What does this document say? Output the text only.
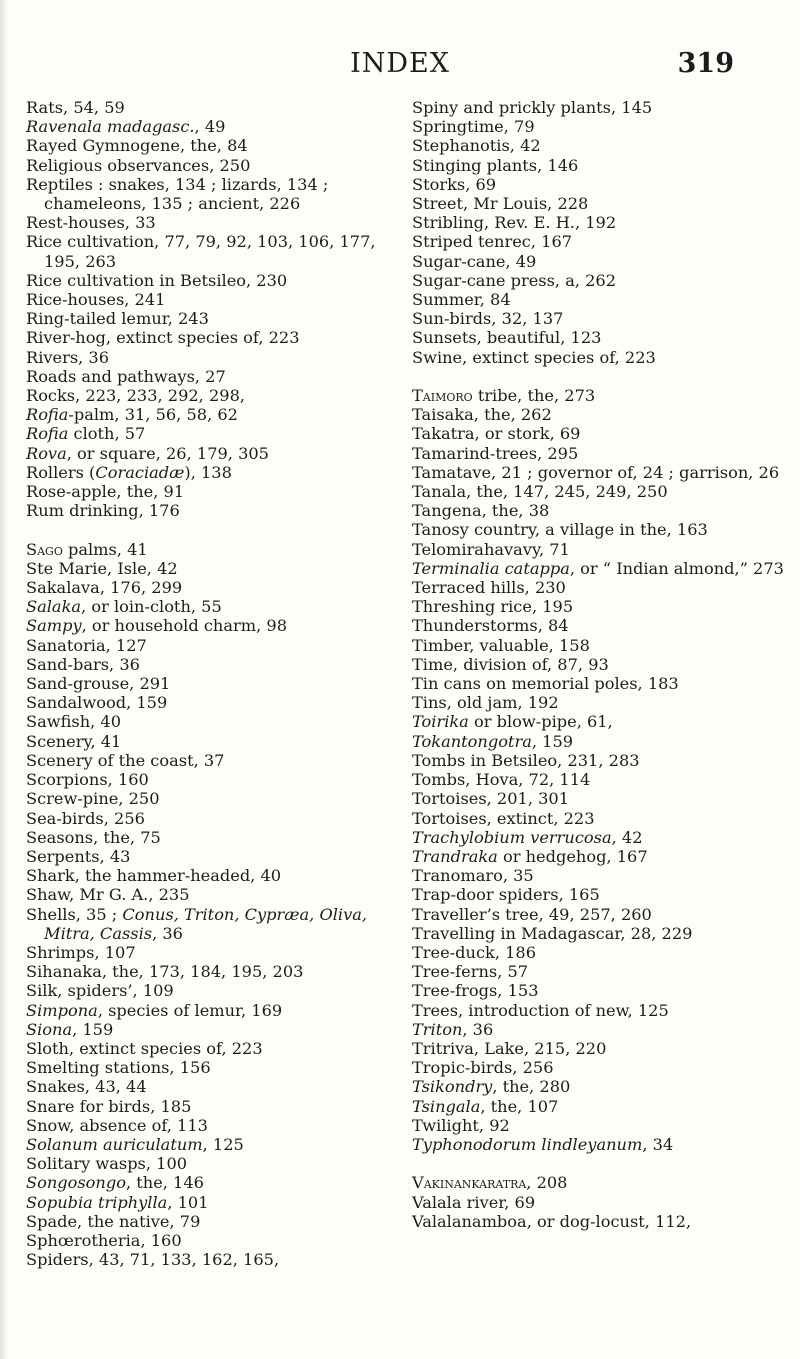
INDEX	319
Rats, 54, 59
Ravenala madagasc., 49
Rayed Gymnogene, the, 84
Religious observances, 250
Reptiles : snakes, 134 ; lizards, 134 ; chameleons, 135 ; ancient, 226
Rest-houses, 33
Rice cultivation, 77, 79, 92, 103, 106, 177, 195, 263
Rice cultivation in Betsileo, 230
Rice-houses, 241
Ring-tailed lemur, 243
River-hog, extinct species of, 223
Rivers, 36
Roads and pathways, 27
Rocks, 223, 233, 292, 298,
Rofia-palm, 31, 56, 58, 62
Rofia cloth, 57
Rova, or square, 26, 179, 305
Rollers (Coraciadæ), 138
Rose-apple, the, 91
Rum drinking, 176
Sago palms, 41
Ste Marie, Isle, 42
Sakalava, 176, 299
Salaka, or loin-cloth, 55
Sampy, or household charm, 98
Sanatoria, 127
Sand-bars, 36
Sand-grouse, 291
Sandalwood, 159
Sawfish, 40
Scenery, 41
Scenery of the coast, 37
Scorpions, 160
Screw-pine, 250
Sea-birds, 256
Seasons, the, 75
Serpents, 43
Shark, the hammer-headed, 40
Shaw, Mr G. A., 235
Shells, 35 ; Conus, Triton, Cypræa, Oliva, Mitra, Cassis, 36
Shrimps, 107
Sihanaka, the, 173, 184, 195, 203
Silk, spiders’, 109
Simpona, species of lemur, 169
Siona, 159
Sloth, extinct species of, 223
Smelting stations, 156
Snakes, 43, 44
Snare for birds, 185
Snow, absence of, 113
Solanum auriculatum, 125
Solitary wasps, 100
Songosongo, the, 146
Sopubia triphylla, 101
Spade, the native, 79
Sphœrotheria, 160
Spiders, 43, 71, 133, 162, 165,
Spiny and prickly plants, 145
Springtime, 79
Stephanotis, 42
Stinging plants, 146
Storks, 69
Street, Mr Louis, 228
Stribling, Rev. E. H., 192
Striped tenrec, 167
Sugar-cane, 49
Sugar-cane press, a, 262
Summer, 84
Sun-birds, 32, 137
Sunsets, beautiful, 123
Swine, extinct species of, 223
Taimoro tribe, the, 273
Taisaka, the, 262
Takatra, or stork, 69
Tamarind-trees, 295
Tamatave, 21 ; governor of, 24 ; garrison, 26
Tanala, the, 147, 245, 249, 250
Tangena, the, 38
Tanosy country, a village in the, 163
Telomirahavavy, 71
Terminalia catappa, or “ Indian almond,” 273
Terraced hills, 230
Threshing rice, 195
Thunderstorms, 84
Timber, valuable, 158
Time, division of, 87, 93
Tin cans on memorial poles, 183
Tins, old jam, 192
Toirika or blow-pipe, 61,
Tokantongotra, 159
Tombs in Betsileo, 231, 283
Tombs, Hova, 72, 114
Tortoises, 201, 301
Tortoises, extinct, 223
Trachylobium verrucosa, 42
Trandraka or hedgehog, 167
Tranomaro, 35
Trap-door spiders, 165
Traveller’s tree, 49, 257, 260
Travelling in Madagascar, 28, 229
Tree-duck, 186
Tree-ferns, 57
Tree-frogs, 153
Trees, introduction of new, 125
Triton, 36
Tritriva, Lake, 215, 220
Tropic-birds, 256
Tsikondry, the, 280
Tsingala, the, 107
Twilight, 92
Typhonodorum lindleyanum, 34
Vakinankaratra, 208
Valala river, 69
Valalanamboa, or dog-locust, 112,
